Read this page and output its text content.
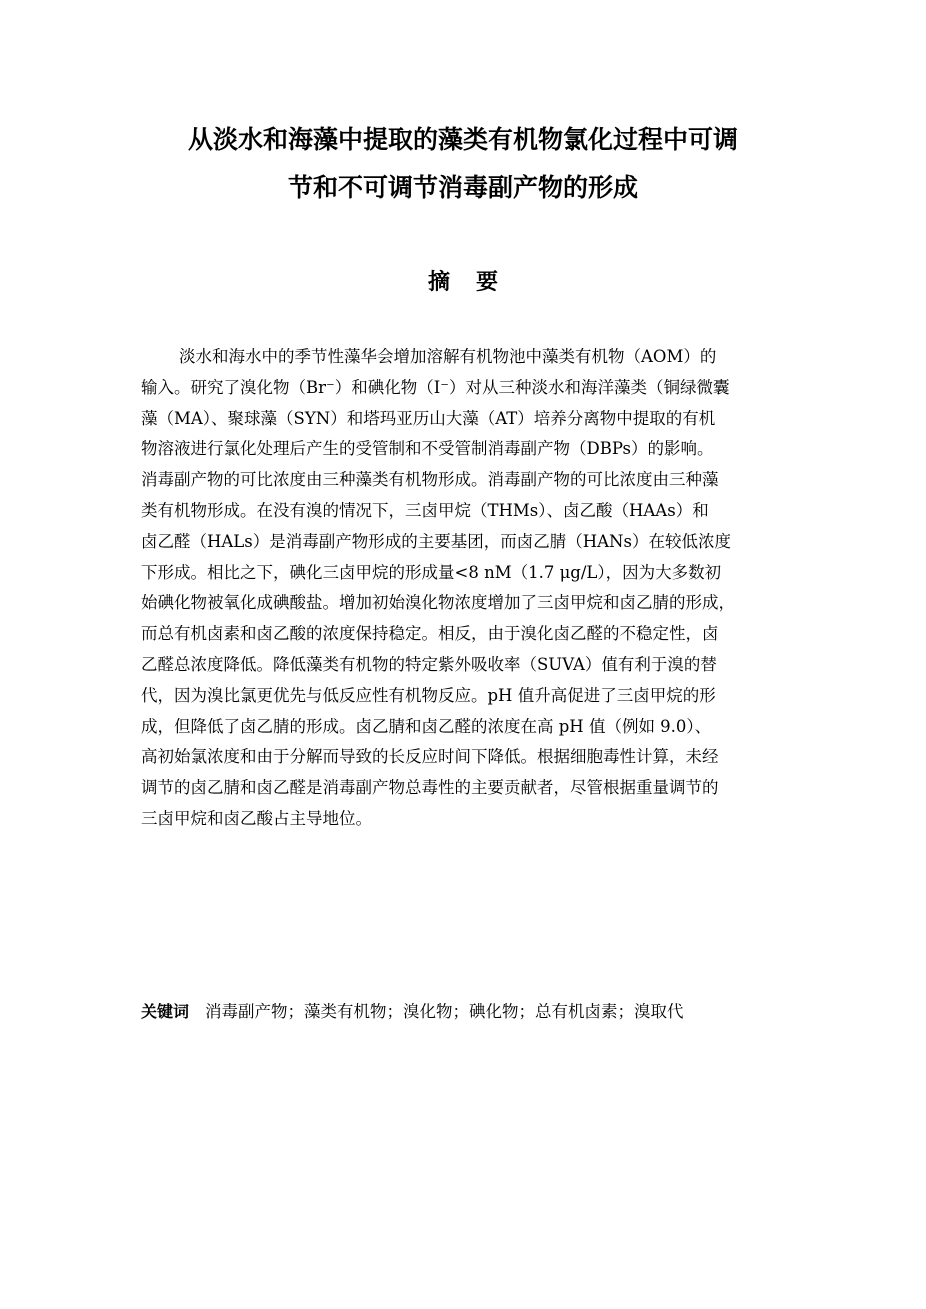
从淡水和海藻中提取的藻类有机物氯化过程中可调
节和不可调节消毒副产物的形成
摘要
淡水和海水中的季节性藻华会增加溶解有机物池中藻类有机物（AOM）的
输入。研究了溴化物（Br⁻）和碘化物（I⁻）对从三种淡水和海洋藻类（铜绿微囊
藻（MA）、聚球藻（SYN）和塔玛亚历山大藻（AT）培养分离物中提取的有机
物溶液进行氯化处理后产生的受管制和不受管制消毒副产物（DBPs）的影响。
消毒副产物的可比浓度由三种藻类有机物形成。消毒副产物的可比浓度由三种藻
类有机物形成。在没有溴的情况下，三卤甲烷（THMs）、卤乙酸（HAAs）和
卤乙醛（HALs）是消毒副产物形成的主要基团，而卤乙腈（HANs）在较低浓度
下形成。相比之下，碘化三卤甲烷的形成量<8 nM（1.7 μg/L），因为大多数初
始碘化物被氧化成碘酸盐。增加初始溴化物浓度增加了三卤甲烷和卤乙腈的形成，
而总有机卤素和卤乙酸的浓度保持稳定。相反，由于溴化卤乙醛的不稳定性，卤
乙醛总浓度降低。降低藻类有机物的特定紫外吸收率（SUVA）值有利于溴的替
代，因为溴比氯更优先与低反应性有机物反应。pH 值升高促进了三卤甲烷的形
成，但降低了卤乙腈的形成。卤乙腈和卤乙醛的浓度在高 pH 值（例如 9.0）、
高初始氯浓度和由于分解而导致的长反应时间下降低。根据细胞毒性计算，未经
调节的卤乙腈和卤乙醛是消毒副产物总毒性的主要贡献者，尽管根据重量调节的
三卤甲烷和卤乙酸占主导地位。
关键词 消毒副产物；藻类有机物；溴化物；碘化物；总有机卤素；溴取代
